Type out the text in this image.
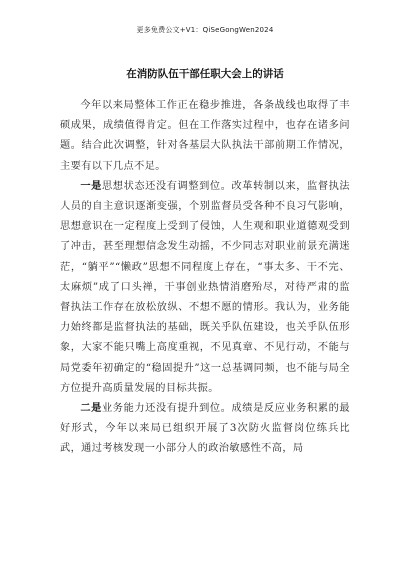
更多免费公文+V1：QiSeGongWen2024
在消防队伍干部任职大会上的讲话

今年以来局整体工作正在稳步推进，各条战线也取得了丰硕成果，成绩值得肯定。但在工作落实过程中，也存在诸多问题。结合此次调整，针对各基层大队执法干部前期工作情况，主要有以下几点不足。

一是思想状态还没有调整到位。改革转制以来，监督执法人员的自主意识逐渐变强，个别监督员受各种不良习气影响，思想意识在一定程度上受到了侵蚀，人生观和职业道德观受到了冲击，甚至理想信念发生动摇，不少同志对职业前景充满迷茫，“躺平”“懒政”思想不同程度上存在，“事太多、干不完、太麻烦”成了口头禅，干事创业热情消磨殆尽，对待严肃的监督执法工作存在放松放纵、不想不愿的情形。我认为，业务能力始终都是监督执法的基础，既关乎队伍建设，也关乎队伍形象，大家不能只嘴上高度重视，不见真章、不见行动，不能与局党委年初确定的“稳固提升”这一总基调同频，也不能与局全方位提升高质量发展的目标共振。

二是业务能力还没有提升到位。成绩是反应业务积累的最好形式，今年以来局已组织开展了3次防火监督岗位练兵比武，通过考核发现一小部分人的政治敏感性不高，局
